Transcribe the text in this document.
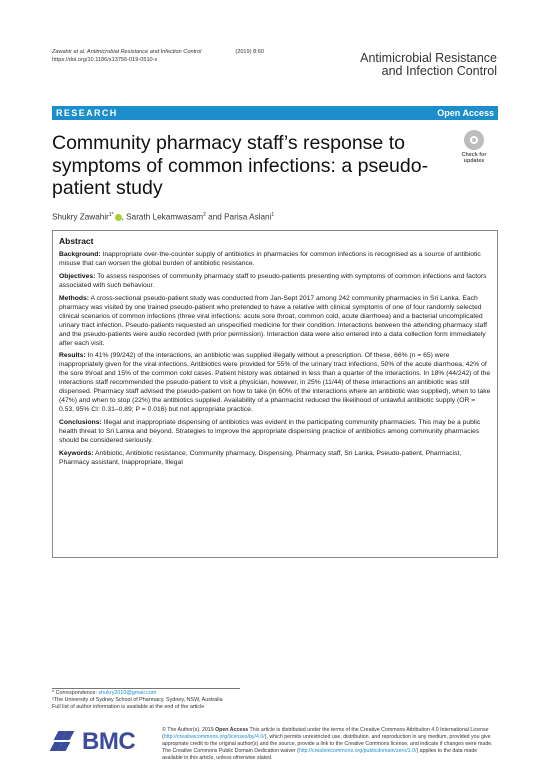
Zawahir et al. Antimicrobial Resistance and Infection Control	(2019) 8:60
https://doi.org/10.1186/s13756-019-0510-x	Antimicrobial Resistance
and Infection Control
RESEARCH	Open Access
Community pharmacy staff’s response to symptoms of common infections: a pseudo-patient study
Check for
updates
Shukry Zawahir$^{1*}$ , Sarath Lekamwasam$^2$ and Parisa Aslani$^1$
Abstract

Background: Inappropriate over-the-counter supply of antibiotics in pharmacies for common infections is recognised as a source of antibiotic misuse that can worsen the global burden of antibiotic resistance.

Objectives: To assess responses of community pharmacy staff to pseudo-patients presenting with symptoms of common infections and factors associated with such behaviour.

Methods: A cross-sectional pseudo-patient study was conducted from Jan-Sept 2017 among 242 community pharmacies in Sri Lanka. Each pharmacy was visited by one trained pseudo-patient who pretended to have a relative with clinical symptoms of one of four randomly selected clinical scenarios of common infections (three viral infections: acute sore throat, common cold, acute diarrhoea) and a bacterial uncomplicated urinary tract infection. Pseudo-patients requested an unspecified medicine for their condition. Interactions between the attending pharmacy staff and the pseudo-patients were audio recorded (with prior permission). Interaction data were also entered into a data collection form immediately after each visit.

Results: In 41% (99/242) of the interactions, an antibiotic was supplied illegally without a prescription. Of these, 66% (n = 65) were inappropriately given for the viral infections. Antibiotics were provided for 55% of the urinary tract infections, 50% of the acute diarrhoea, 42% of the sore throat and 15% of the common cold cases. Patient history was obtained in less than a quarter of the interactions. In 18% (44/242) of the interactions staff recommended the pseudo-patient to visit a physician, however, in 25% (11/44) of these interactions an antibiotic was still dispensed. Pharmacy staff advised the pseudo-patient on how to take (in 60% of the interactions where an antibiotic was supplied), when to take (47%) and when to stop (22%) the antibiotics supplied. Availability of a pharmacist reduced the likelihood of unlawful antibiotic supply (OR = 0.53, 95% CI: 0.31–0.89; P = 0.016) but not appropriate practice.

Conclusions: Illegal and inappropriate dispensing of antibiotics was evident in the participating community pharmacies. This may be a public health threat to Sri Lanka and beyond. Strategies to improve the appropriate dispensing practice of antibiotics among community pharmacies should be considered seriously.

Keywords: Antibiotic, Antibiotic resistance, Community pharmacy, Dispensing, Pharmacy staff, Sri Lanka, Pseudo-patient, Pharmacist, Pharmacy assistant, Inappropriate, Illegal

* Correspondence: shukry2010@gmail.com
¹The University of Sydney School of Pharmacy, Sydney, NSW, Australia
Full list of author information is available at the end of the article
BMC	© The Author(s). 2019 Open Access This article is distributed under the terms of the Creative Commons Attribution 4.0 International License (http://creativecommons.org/licenses/by/4.0/), which permits unrestricted use, distribution, and reproduction in any medium, provided you give appropriate credit to the original author(s) and the source, provide a link to the Creative Commons license, and indicate if changes were made. The Creative Commons Public Domain Dedication waiver (http://creativecommons.org/publicdomain/zero/1.0/) applies to the data made available in this article, unless otherwise stated.
